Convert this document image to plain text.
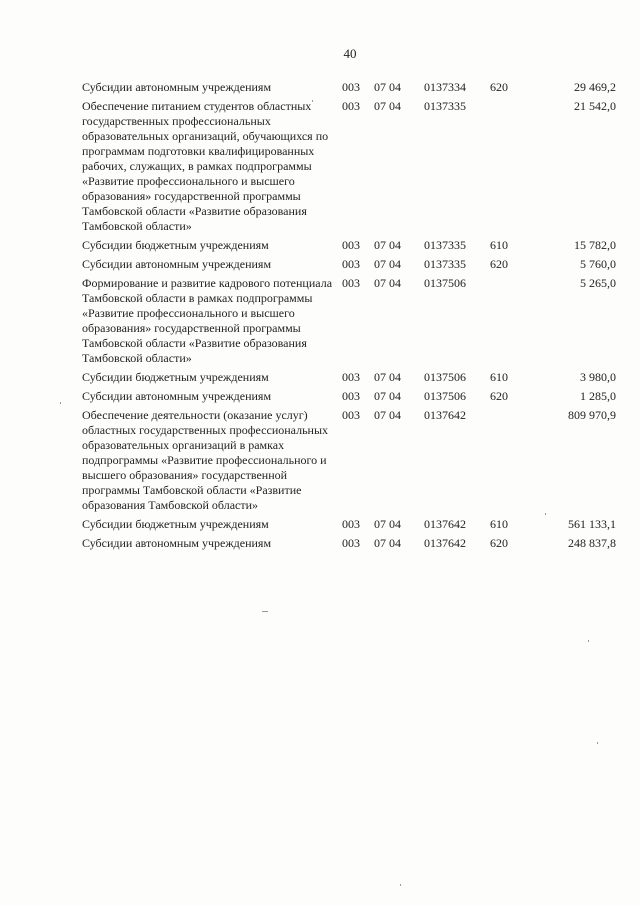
40
Субсидии автономным учреждениям	003	07 04	0137334	620	29 469,2
Обеспечение питанием студентов областных государственных профессиональных образовательных организаций, обучающихся по программам подготовки квалифицированных рабочих, служащих, в рамках подпрограммы «Развитие профессионального и высшего образования» государственной программы Тамбовской области «Развитие образования Тамбовской области»	003	07 04	0137335		21 542,0
Субсидии бюджетным учреждениям	003	07 04	0137335	610	15 782,0
Субсидии автономным учреждениям	003	07 04	0137335	620	5 760,0
Формирование и развитие кадрового потенциала Тамбовской области в рамках подпрограммы «Развитие профессионального и высшего образования» государственной программы Тамбовской области «Развитие образования Тамбовской области»	003	07 04	0137506		5 265,0
Субсидии бюджетным учреждениям	003	07 04	0137506	610	3 980,0
Субсидии автономным учреждениям	003	07 04	0137506	620	1 285,0
Обеспечение деятельности (оказание услуг) областных государственных профессиональных образовательных организаций в рамках подпрограммы «Развитие профессионального и высшего образования» государственной программы Тамбовской области «Развитие образования Тамбовской области»	003	07 04	0137642		809 970,9
Субсидии бюджетным учреждениям	003	07 04	0137642	610	561 133,1
Субсидии автономным учреждениям	003	07 04	0137642	620	248 837,8
